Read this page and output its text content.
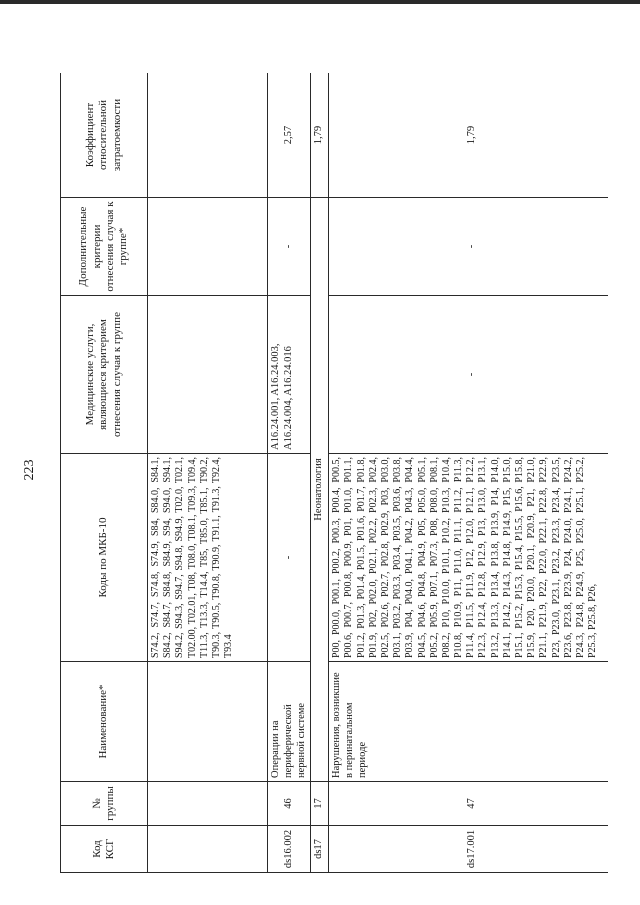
223
Код КСГ	№ группы	Наименование*	Коды по МКБ-10	Медицинские услуги, являющиеся критерием отнесения случая к группе	Дополнительные критерии отнесения случая к группе*	Коэффициент относительной затратоемкости
			S74.2, S74.7, S74.8, S74.9, S84, S84.0, S84.1, S84.2, S84.7, S84.8, S84.9, S94, S94.0, S94.1, S94.2, S94.3, S94.7, S94.8, S94.9, T02.0, T02.1, T02.00, T02.01, T08, T08.0, T08.1, T09.3, T09.4, T11.3, T13.3, T14.4, T85, T85.0, T85.1, T90.2, T90.3, T90.5, T90.8, T90.9, T91.1, T91.3, T92.4, T93.4			
ds16.002	46	Операции на периферической нервной системе	-	A16.24.001, A16.24.003, A16.24.004, A16.24.016	-	2,57
ds17	17	Неонатология				1,79
ds17.001	47	Нарушения, возникшие в перинатальном периоде	P00, P00.0, P00.1, P00.2, P00.3, P00.4, P00.5, P00.6, P00.7, P00.8, P00.9, P01, P01.0, P01.1, P01.2, P01.3, P01.4, P01.5, P01.6, P01.7, P01.8, P01.9, P02, P02.0, P02.1, P02.2, P02.3, P02.4, P02.5, P02.6, P02.7, P02.8, P02.9, P03, P03.0, P03.1, P03.2, P03.3, P03.4, P03.5, P03.6, P03.8, P03.9, P04, P04.0, P04.1, P04.2, P04.3, P04.4, P04.5, P04.6, P04.8, P04.9, P05, P05.0, P05.1, P05.2, P05.9, P07.1, P07.3, P08, P08.0, P08.1, P08.2, P10, P10.0, P10.1, P10.2, P10.3, P10.4, P10.8, P10.9, P11, P11.0, P11.1, P11.2, P11.3, P11.4, P11.5, P11.9, P12, P12.0, P12.1, P12.2, P12.3, P12.4, P12.8, P12.9, P13, P13.0, P13.1, P13.2, P13.3, P13.4, P13.8, P13.9, P14, P14.0, P14.1, P14.2, P14.3, P14.8, P14.9, P15, P15.0, P15.1, P15.2, P15.3, P15.4, P15.5, P15.6, P15.8, P15.9, P20, P20.0, P20.1, P20.9, P21, P21.0, P21.1, P21.9, P22, P22.0, P22.1, P22.8, P22.9, P23, P23.0, P23.1, P23.2, P23.3, P23.4, P23.5, P23.6, P23.8, P23.9, P24, P24.0, P24.1, P24.2, P24.3, P24.8, P24.9, P25, P25.0, P25.1, P25.2, P25.3, P25.8, P26,	-	-	1,79
